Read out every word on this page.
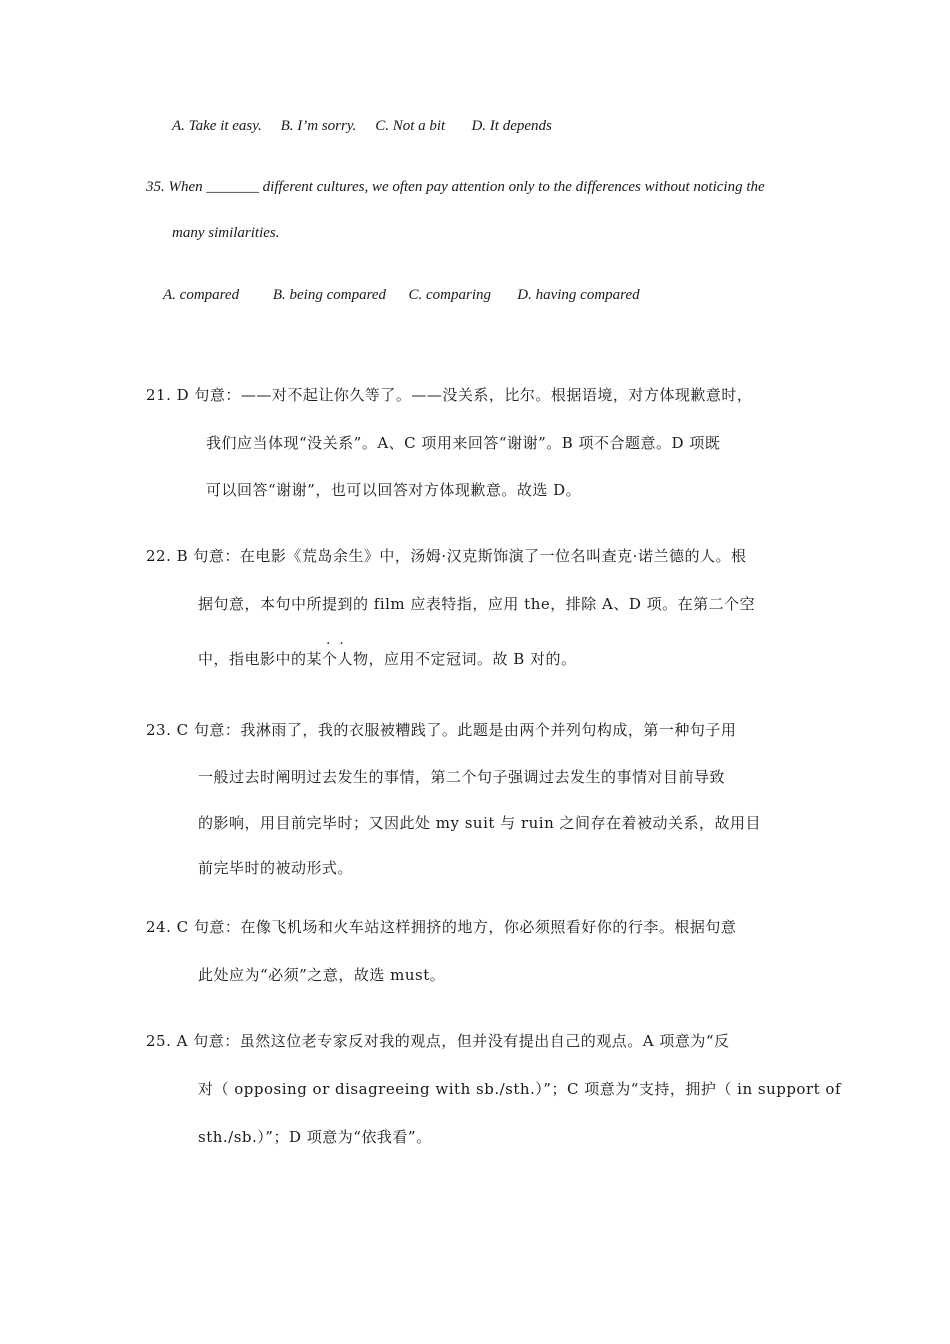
A. Take it easy. B. I’m sorry. C. Not a bit D. It depends
35. When _______ different cultures, we often pay attention only to the differences without noticing the
many similarities.
A. compared B. being compared C. comparing D. having compared
21. D 句意：——对不起让你久等了。——没关系，比尔。根据语境，对方体现歉意时，
我们应当体现“没关系”。A、C 项用来回答“谢谢”。B 项不合题意。D 项既
可以回答“谢谢”，也可以回答对方体现歉意。故选 D。
22. B 句意：在电影《荒岛余生》中，汤姆·汉克斯饰演了一位名叫查克·诺兰德的人。根
据句意，本句中所提到的 film 应表特指，应用 the，排除 A、D 项。在第二个空
.  .
中，指电影中的某个人物，应用不定冠词。故 B 对的。
23. C 句意：我淋雨了，我的衣服被糟践了。此题是由两个并列句构成，第一种句子用
一般过去时阐明过去发生的事情，第二个句子强调过去发生的事情对目前导致
的影响，用目前完毕时；又因此处 my suit 与 ruin 之间存在着被动关系，故用目
前完毕时的被动形式。
24. C 句意：在像飞机场和火车站这样拥挤的地方，你必须照看好你的行李。根据句意
此处应为“必须”之意，故选 must。
25. A 句意：虽然这位老专家反对我的观点，但并没有提出自己的观点。A 项意为“反
对（ opposing or disagreeing with sb./sth.）”；C 项意为“支持，拥护（ in support of
sth./sb.）”；D 项意为“依我看”。
